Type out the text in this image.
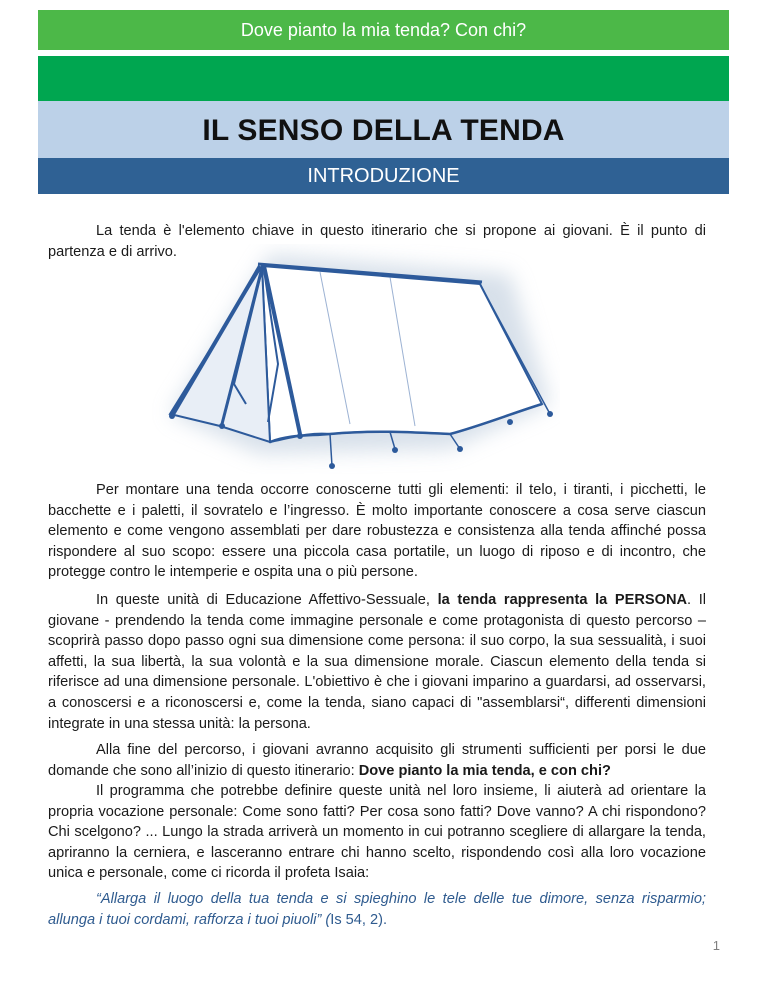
Dove pianto la mia tenda? Con chi?
IL SENSO DELLA TENDA
INTRODUZIONE

La tenda è l'elemento chiave in questo itinerario che si propone ai giovani. È il punto di partenza e di arrivo.

Per montare una tenda occorre conoscerne tutti gli elementi: il telo, i tiranti, i picchetti, le bacchette e i paletti, il sovratelo e l’ingresso. È molto importante conoscere a cosa serve ciascun elemento e come vengono assemblati per dare robustezza e consistenza alla tenda affinché possa rispondere al suo scopo: essere una piccola casa portatile, un luogo di riposo e di incontro, che protegge contro le intemperie e ospita una o più persone.

In queste unità di Educazione Affettivo-Sessuale, la tenda rappresenta la PERSONA. Il giovane - prendendo la tenda come immagine personale e come protagonista di questo percorso – scoprirà passo dopo passo ogni sua dimensione come persona: il suo corpo, la sua sessualità, i suoi affetti, la sua libertà, la sua volontà e la sua dimensione morale. Ciascun elemento della tenda si riferisce ad una dimensione personale. L'obiettivo è che i giovani imparino a guardarsi, ad osservarsi, a conoscersi e a riconoscersi e, come la tenda, siano capaci di "assemblarsi“, differenti dimensioni integrate in una stessa unità: la persona.

Alla fine del percorso, i giovani avranno acquisito gli strumenti sufficienti per porsi le due domande che sono all’inizio di questo itinerario: Dove pianto la mia tenda, e con chi?

Il programma che potrebbe definire queste unità nel loro insieme, li aiuterà ad orientare la propria vocazione personale: Come sono fatti? Per cosa sono fatti? Dove vanno? A chi rispondono? Chi scelgono? ... Lungo la strada arriverà un momento in cui potranno scegliere di allargare la tenda, apriranno la cerniera, e lasceranno entrare chi hanno scelto, rispondendo così alla loro vocazione unica e personale, come ci ricorda il profeta Isaia:

“Allarga il luogo della tua tenda e si spieghino le tele delle tue dimore, senza risparmio; allunga i tuoi cordami, rafforza i tuoi piuoli” (Is 54, 2).

1
